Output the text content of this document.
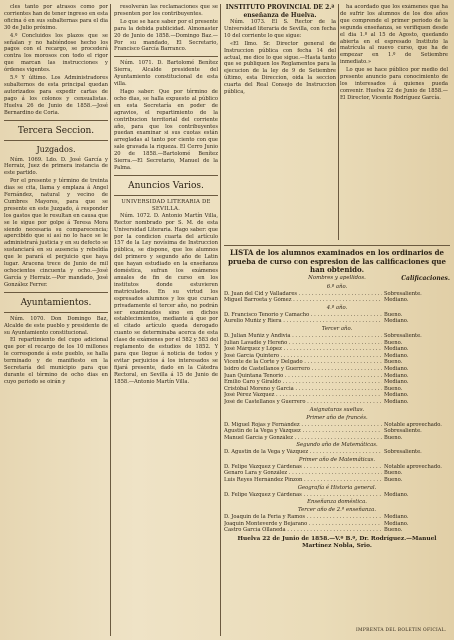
cles tanto por atrasos como por corrientes han de tener ingreso en esta oficina ó en sus subalternas para el dia 30 de Julio próximo.

4.º Concluidos los plazos que se señalan y no habiéndose hecho los pagos con el recargo, se procederá contra los morosos con todo el rigor que marcan las instrucciones y órdenes vigentes.

5.º Y último. Los Administradores subalternos de esta principal quedan autorizados para expedir cartas de pago á los colonos y censualistas. Huelva 26 de Junio de 1858.—José Bernardino de Coria.

Tercera Seccion.
Juzgados.

Núm. 1069. Ldo. D. José García y Herraiz, Juez de primera instancia de este partido.

Por el presente y término de treinta dias se cita, llama y emplaza á Angel Fernández, natural y vecino de Cumbres Mayores, para que se presente en este Juzgado, á responder los gastos que le resultan en causa que se le sigue por golpe á Teresa Mora siendo necesaria su comparecencia; apercibido que si así no lo hace se le administrará justicia y en su defecto se sustanciará en su ausencia y rebeldía que le parará el perjuicio que haya lugar. Aracena trece de Junio de mil ochocientos cincuenta y ocho.—José García y Herraiz.—Por mandado, José González Ferrer.

Ayuntamientos.

Núm. 1070. Don Domingo Baz, Alcalde de este pueblo y presidente de su Ayuntamiento constitucional.

El repartimiento del cupo adicional que por el recargo de los 10 millones le corresponde á este pueblo, se halla terminado y de manifiesto en la Secretaría del municipio para que durante el término de ocho dias en cuyo periodo se oirán y

resolverán las reclamaciones que se presenten por los contribuyentes.

Lo que se hace saber por el presente para la debida publicidad. Almonaster 20 de Junio de 1858.—Domingo Baz.—Por su mandado, El Secretario, Francisco García Barranco.

Núm. 1071. D. Bartolomé Benítez Sierra, Alcalde presidente del Ayuntamiento constitucional de esta villa.

Hago saber: Que por término de ocho dias, se halla expuesto al público en esta Secretaría en poder de agravios, el repartimiento de la contribucion territorial del corriente año, para que los contribuyentes puedan examinar si sus cuotas están arregladas al tanto por ciento con que sale gravada la riqueza. El Cerro Junio 20 de 1858.—Bartolomé Benítez Sierra.—El Secretario, Manuel de la Palma.

Anuncios Varios.
UNIVERSIDAD LITERARIA DE SEVILLA.

Núm. 1072. D. Antonio Martín Villa, Rector nombrado por S. M. de esta Universidad Literaria. Hago saber: que por la condicion cuarta del artículo 157 de la Ley novísima de Instruccion pública, se dispone, que los alumnos del primero y segundo año de Latin que hayan estudiado en la enseñanza doméstica, sufran los exámenes anuales de fin de curso en los institutos donde estuvieren matriculados. En su virtud los espresados alumnos y los que cursan privadamente el tercer año, no podrán ser examinados sino en dichos establecimientos, mediante á que por el citado artículo queda derogado cuanto se determinaba acerca de esta clase de exámenes por el 582 y 583 del reglamento de estudios de 1852. Y para que llegue á noticia de todos y evitar perjuicios á los interesados se fijará presente, dado en la Cátedra Rectoral, en Sevilla á 15 de Junio de 1858.—Antonio Martín Villa.

INSTITUTO PROVINCIAL DE 2.ª enseñanza de Huelva.

Núm. 1073. El S. Rector de la Universidad literaria de Sevilla, con fecha 10 del corriente lo que sigue:

«El Ilmo. Sr. Director general de Instruccion pública con fecha 14 del actual, me dice lo que sigue.—Hasta tanto que se publiquen los Reglamentos para la ejecucion de la ley de 9 de Setiembre último, esta Direccion, oida la seccion cuarta del Real Consejo de Instruccion pública,

ha acordado que los exámenes que ha de sufrir los alumnos de los dos años que comprende el primer periodo de la segunda enseñanza, se verifiquen desde el dia 1.º al 15 de Agosto, quedando abierta en el espresado Instituto la matrícula al nuevo curso, que ha de empezar en 1.º de Setiembre inmediato.»

Lo que se hace público por medio del presente anuncio para conocimiento de los interesados á quienes pueda convenir. Huelva 22 de Junio de 1858.—El Director, Vicente Rodríguez García.

LISTA de los alumnos examinados en los ordinarios de prueba de curso con espresion de las calificaciones que han obtenido.
Nombres y apellidos.	Calificaciones.
6.º año.
D. Juan del Cid y Valladares . . .	Sobresaliente.
Miguel Barroeta y Gómez . . .	Mediano.
4.º año.
D. Francisco Tenorio y Camacho . . .	Bueno.
Aurelio Muñiz y Riera . . .	Mediano.
Tercer año.
D. Julian Muñiz y Andivia . . .	Sobresaliente.
Julian Lavadie y Hereño . . .	Bueno.
José Márquez y López . . .	Mediano.
José García Quintero . . .	Mediano.
Vicente de la Corte y Delgado . . .	Bueno.
Isidro de Castellanos y Guerrero . . .	Mediano.
Juan Quintana Tenorio . . .	Mediano.
Emilio Caro y Giraldo . . .	Mediano.
Cristóbal Moreno y Garcia . . .	Bueno.
José Pérez Vázquez . . .	Mediano.
José de Castellanos y Guerrero . . .	Mediano.
Asignaturas sueltas.
Primer año de francés.
D. Miguel Rojas y Fernández . . .	Notable aprovechado.
Agustin de la Vega y Vázquez . . .	Sobresaliente.
Manuel García y González . . .	Bueno.
Segundo año de Matemáticas.
D. Agustin de la Vega y Vázquez . . .	Sobresaliente.
Primer año de Matemáticas.
D. Felipe Vázquez y Cárdenas . . .	Notable aprovechado.
Genaro Lara y González . . .	Bueno.
Luis Reyes Hernández Pinzon . . .	Bueno.
Geografía é Historia general.
D. Felipe Vázquez y Cárdenas . . .	Mediano.
Enseñanza doméstica.
Tercer año de 2.ª enseñanza.
D. Joaquin de la Feria y Ramos . . .	Mediano.
Joaquin Monteverde y Bejarano . . .	Mediano.
Castro García Ollaneda . . .	Bueno.
Huelva 22 de Junio de 1858.—V.º B.º, Dr. Rodríguez.—Manuel Martínez Nobla, Srio.
IMPRENTA DEL BOLETIN OFICIAL.
